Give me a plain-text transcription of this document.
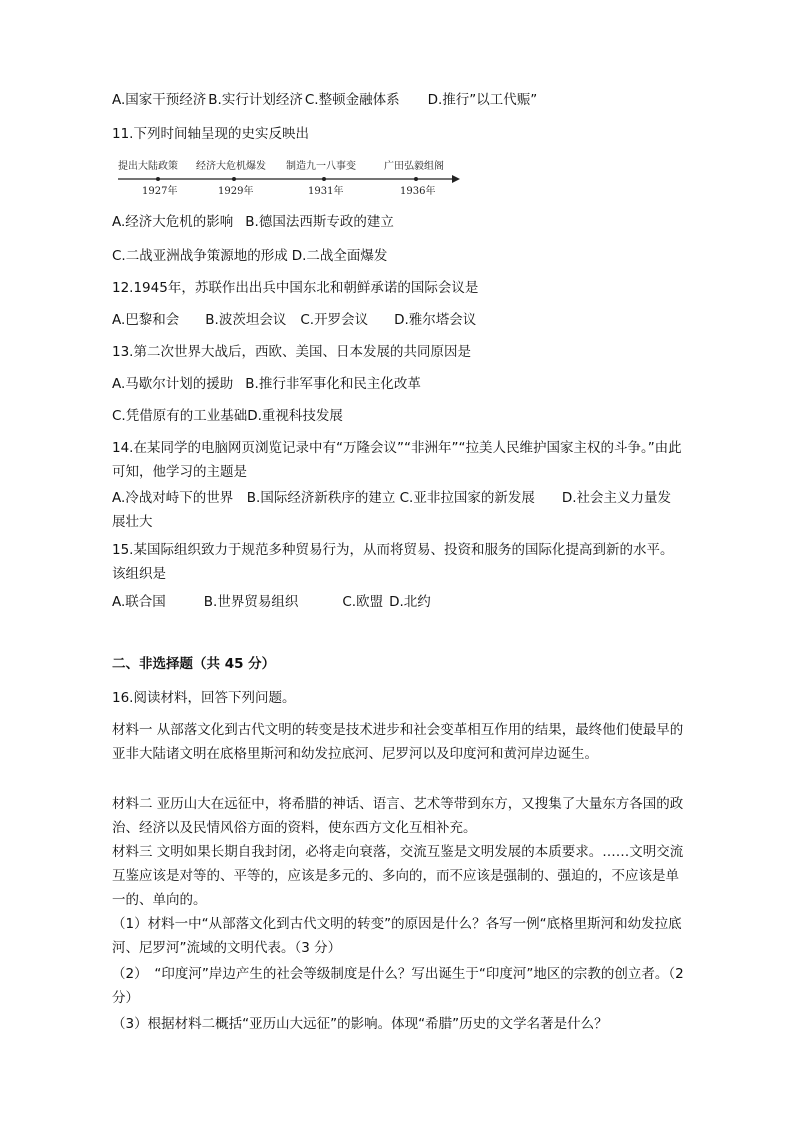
A.国家干预经济 B.实行计划经济 C.整顿金融体系 D.推行”以工代赈”
11.下列时间轴呈现的史实反映出
提出大陆政策 经济大危机爆发 制造九一八事变	广田弘毅组阁
1927年	1929年	1931年	1936年
A.经济大危机的影响 B.德国法西斯专政的建立
C.二战亚洲战争策源地的形成 D.二战全面爆发
12.1945年，苏联作出出兵中国东北和朝鲜承诺的国际会议是
A.巴黎和会 B.波茨坦会议 C.开罗会议 D.雅尔塔会议
13.第二次世界大战后，西欧、美国、日本发展的共同原因是
A.马歇尔计划的援助 B.推行非军事化和民主化改革
C.凭借原有的工业基础D.重视科技发展
14.在某同学的电脑网页浏览记录中有“万隆会议”“非洲年”“拉美人民维护国家主权的斗争。”由此可知，他学习的主题是
A.冷战对峙下的世界　B.国际经济新秩序的建立 C.亚非拉国家的新发展　　D.社会主义力量发展壮大
15.某国际组织致力于规范多种贸易行为，从而将贸易、投资和服务的国际化提高到新的水平。该组织是
A.联合国	B.世界贸易组织	C.欧盟 D.北约
二、非选择题（共 45 分）
16.阅读材料，回答下列问题。
材料一 从部落文化到古代文明的转变是技术进步和社会变革相互作用的结果，最终他们使最早的亚非大陆诸文明在底格里斯河和幼发拉底河、尼罗河以及印度河和黄河岸边诞生。
材料二 亚历山大在远征中，将希腊的神话、语言、艺术等带到东方，又搜集了大量东方各国的政治、经济以及民情风俗方面的资料，使东西方文化互相补充。
材料三 文明如果长期自我封闭，必将走向衰落，交流互鉴是文明发展的本质要求。……文明交流互鉴应该是对等的、平等的，应该是多元的、多向的，而不应该是强制的、强迫的，不应该是单一的、单向的。
（1）材料一中“从部落文化到古代文明的转变”的原因是什么？各写一例“底格里斯河和幼发拉底河、尼罗河”流域的文明代表。（3 分）
（2）　“印度河”岸边产生的社会等级制度是什么？写出诞生于“印度河”地区的宗教的创立者。（2 分）
（3）根据材料二概括“亚历山大远征”的影响。体现“希腊”历史的文学名著是什么？
